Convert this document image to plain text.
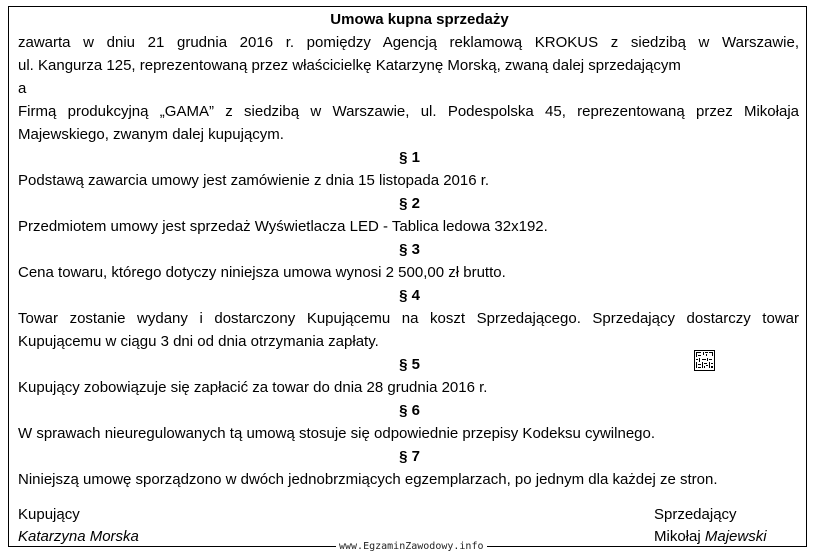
Umowa kupna sprzedaży

zawarta w dniu 21 grudnia 2016 r. pomiędzy Agencją reklamową KROKUS z siedzibą w Warszawie,
ul. Kangurza 125, reprezentowaną przez właścicielkę Katarzynę Morską, zwaną dalej sprzedającym
a
Firmą produkcyjną „GAMA” z siedzibą w Warszawie, ul. Podespolska 45, reprezentowaną przez Mikołaja
Majewskiego, zwanym dalej kupującym.

§ 1

Podstawą zawarcia umowy jest zamówienie z dnia 15 listopada 2016 r.

§ 2

Przedmiotem umowy jest sprzedaż Wyświetlacza LED - Tablica ledowa 32x192.

§ 3

Cena towaru, którego dotyczy niniejsza umowa wynosi 2 500,00 zł brutto.

§ 4

Towar zostanie wydany i dostarczony Kupującemu na koszt Sprzedającego. Sprzedający dostarczy towar
Kupującemu w ciągu 3 dni od dnia otrzymania zapłaty.

§ 5

Kupujący zobowiązuje się zapłacić za towar do dnia 28 grudnia 2016 r.

§ 6

W sprawach nieuregulowanych tą umową stosuje się odpowiednie przepisy Kodeksu cywilnego.

§ 7

Niniejszą umowę sporządzono w dwóch jednobrzmiących egzemplarzach, po jednym dla każdej ze stron.

Kupujący
Katarzyna Morska
Sprzedający
Mikołaj Majewski
www.EgzaminZawodowy.info
